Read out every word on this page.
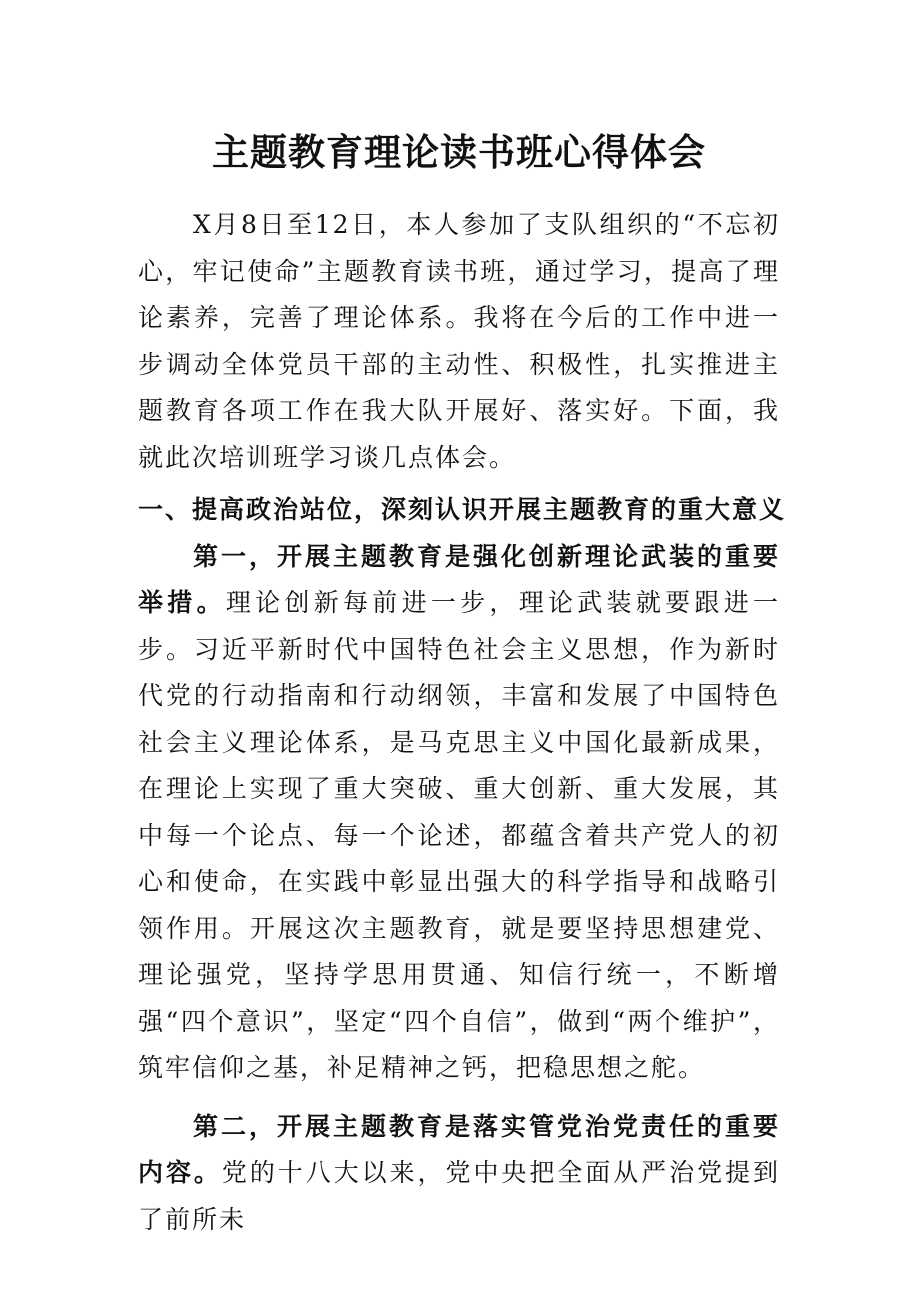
主题教育理论读书班心得体会

X月8日至12日，本人参加了支队组织的“不忘初心，牢记使命”主题教育读书班，通过学习，提高了理论素养，完善了理论体系。我将在今后的工作中进一步调动全体党员干部的主动性、积极性，扎实推进主题教育各项工作在我大队开展好、落实好。下面，我就此次培训班学习谈几点体会。

一、提高政治站位，深刻认识开展主题教育的重大意义

第一，开展主题教育是强化创新理论武装的重要举措。理论创新每前进一步，理论武装就要跟进一步。习近平新时代中国特色社会主义思想，作为新时代党的行动指南和行动纲领，丰富和发展了中国特色社会主义理论体系，是马克思主义中国化最新成果，在理论上实现了重大突破、重大创新、重大发展，其中每一个论点、每一个论述，都蕴含着共产党人的初心和使命，在实践中彰显出强大的科学指导和战略引领作用。开展这次主题教育，就是要坚持思想建党、理论强党，坚持学思用贯通、知信行统一，不断增强“四个意识”，坚定“四个自信”，做到“两个维护”，筑牢信仰之基，补足精神之钙，把稳思想之舵。

第二，开展主题教育是落实管党治党责任的重要内容。党的十八大以来，党中央把全面从严治党提到了前所未
